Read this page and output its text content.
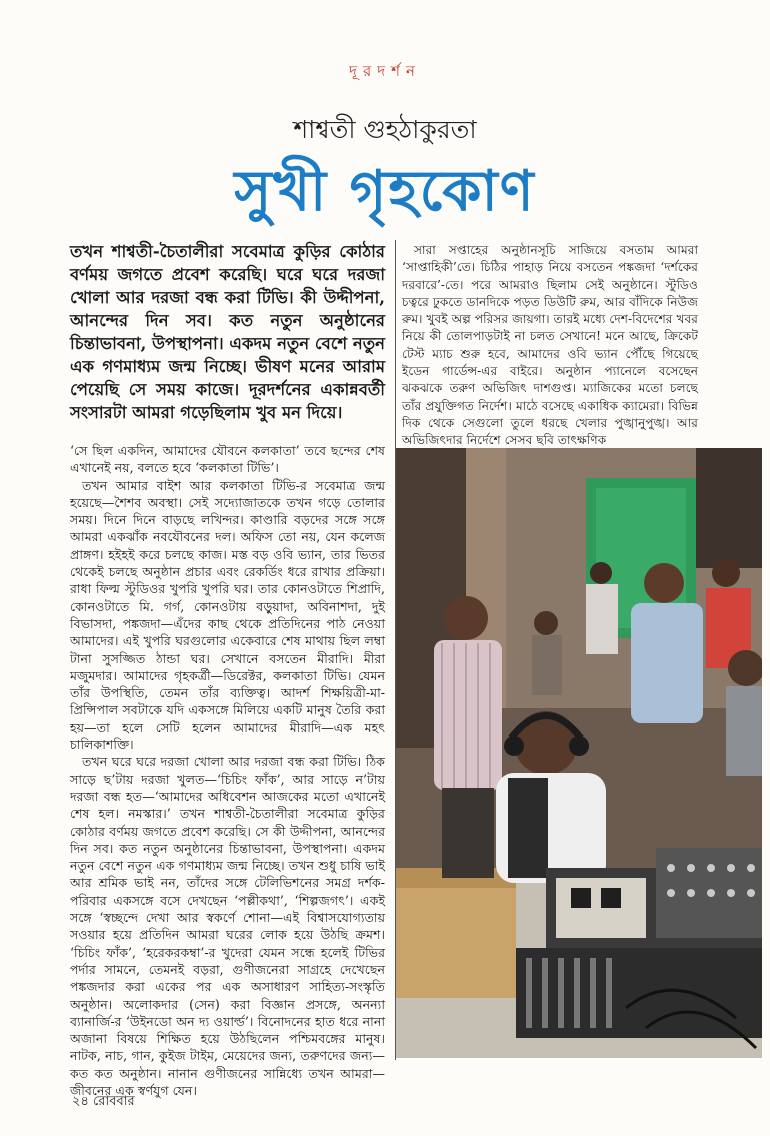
দূরদর্শন
শাশ্বতী গুহঠাকুরতা
সুখী গৃহকোণ

তখন শাশ্বতী-চৈতালীরা সবেমাত্র কুড়ির কোঠার বর্ণময় জগতে প্রবেশ করেছি। ঘরে ঘরে দরজা খোলা আর দরজা বন্ধ করা টিভি। কী উদ্দীপনা, আনন্দের দিন সব। কত নতুন অনুষ্ঠানের চিন্তাভাবনা, উপস্থাপনা। একদম নতুন বেশে নতুন এক গণমাধ্যম জন্ম নিচ্ছে। ভীষণ মনের আরাম পেয়েছি সে সময় কাজে। দূরদর্শনের একান্নবর্তী সংসারটা আমরা গড়েছিলাম খুব মন দিয়ে।

‘সে ছিল একদিন, আমাদের যৌবনে কলকাতা’ তবে ছন্দের শেষ এখানেই নয়, বলতে হবে ‘কলকাতা টিভি’।

তখন আমার বাইশ আর কলকাতা টিভি-র সবেমাত্র জন্ম হয়েছে—শৈশব অবস্থা। সেই সদ্যোজাতকে তখন গড়ে তোলার সময়। দিনে দিনে বাড়ছে লখিন্দর। কাণ্ডারি বড়দের সঙ্গে সঙ্গে আমরা একঝাঁক নবযৌবনের দল। অফিস তো নয়, যেন কলেজ প্রাঙ্গণ। হইহই করে চলছে কাজ। মস্ত বড় ওবি ভ্যান, তার ভিতর থেকেই চলছে অনুষ্ঠান প্রচার এবং রেকর্ডিং ধরে রাখার প্রক্রিয়া। রাধা ফিল্ম স্টুডিওর খুপরি খুপরি ঘর। তার কোনওটাতে শিপ্রাদি, কোনওটাতে মি. গর্গ, কোনওটায় বড়ুয়াদা, অবিনাশদা, দুই বিভাসদা, পঙ্কজদা—এঁদের কাছ থেকে প্রতিদিনের পাঠ নেওয়া আমাদের। এই খুপরি ঘরগুলোর একেবারে শেষ মাথায় ছিল লম্বা টানা সুসজ্জিত ঠান্ডা ঘর। সেখানে বসতেন মীরাদি। মীরা মজুমদার। আমাদের গৃহকর্ত্রী—ডিরেক্টর, কলকাতা টিভি। যেমন তাঁর উপস্থিতি, তেমন তাঁর ব্যক্তিত্ব। আদর্শ শিক্ষয়িত্রী-মা-প্রিন্সিপাল সবটাকে যদি একসঙ্গে মিলিয়ে একটি মানুষ তৈরি করা হয়—তা হলে সেটি হলেন আমাদের মীরাদি—এক মহৎ চালিকাশক্তি।

তখন ঘরে ঘরে দরজা খোলা আর দরজা বন্ধ করা টিভি। ঠিক সাড়ে ছ’টায় দরজা খুলত—‘চিচিং ফাঁক’, আর সাড়ে ন’টায় দরজা বন্ধ হত—‘আমাদের অধিবেশন আজকের মতো এখানেই শেষ হল। নমস্কার।’ তখন শাশ্বতী-চৈতালীরা সবেমাত্র কুড়ির কোঠার বর্ণময় জগতে প্রবেশ করেছি। সে কী উদ্দীপনা, আনন্দের দিন সব। কত নতুন অনুষ্ঠানের চিন্তাভাবনা, উপস্থাপনা। একদম নতুন বেশে নতুন এক গণমাধ্যম জন্ম নিচ্ছে। তখন শুধু চাষি ভাই আর শ্রমিক ভাই নন, তাঁদের সঙ্গে টেলিভিশনের সমগ্র দর্শক-পরিবার একসঙ্গে বসে দেখছেন ‘পল্লীকথা’, ‘শিল্পজগৎ’। একই সঙ্গে ‘স্বচ্ছন্দে দেখা আর স্বকর্ণে শোনা—এই বিশ্বাসযোগ্যতায় সওয়ার হয়ে প্রতিদিন আমরা ঘরের লোক হয়ে উঠছি ক্রমশ। ‘চিচিং ফাঁক’, ‘হরেকরকম্বা’-র খুদেরা যেমন সন্ধে হলেই টিভির পর্দার সামনে, তেমনই বড়রা, গুণীজনেরা সাগ্রহে দেখেছেন পঙ্কজদার করা একের পর এক অসাধারণ সাহিত্য-সংস্কৃতি অনুষ্ঠান। অলোকদার (সেন) করা বিজ্ঞান প্রসঙ্গে, অনন্যা ব্যানার্জি-র ‘উইনডো অন দ্য ওয়ার্ল্ড’। বিনোদনের হাত ধরে নানা অজানা বিষয়ে শিক্ষিত হয়ে উঠছিলেন পশ্চিমবঙ্গের মানুষ। নাটক, নাচ, গান, কুইজ টাইম, মেয়েদের জন্য, তরুণদের জন্য—কত কত অনুষ্ঠান। নানান গুণীজনের সান্নিধ্যে তখন আমরা—জীবনের এক স্বর্ণযুগ যেন।

সারা সপ্তাহের অনুষ্ঠানসূচি সাজিয়ে বসতাম আমরা ‘সাপ্তাহিকী’তে। চিঠির পাহাড় নিয়ে বসতেন পঙ্কজদা ‘দর্শকের দরবারে’-তে। পরে আমরাও ছিলাম সেই অনুষ্ঠানে। স্টুডিও চত্বরে ঢুকতে ডানদিকে পড়ত ডিউটি রুম, আর বাঁদিকে নিউজ রুম। খুবই অল্প পরিসর জায়গা। তারই মধ্যে দেশ-বিদেশের খবর নিয়ে কী তোলপাড়টাই না চলত সেখানে! মনে আছে, ক্রিকেট টেস্ট ম্যাচ শুরু হবে, আমাদের ওবি ভ্যান পৌঁছে গিয়েছে ইডেন গার্ডেন্স-এর বাইরে। অনুষ্ঠান প্যানেলে বসেছেন ঝকঝকে তরুণ অভিজিৎ দাশগুপ্ত। ম্যাজিকের মতো চলছে তাঁর প্রযুক্তিগত নির্দেশ। মাঠে বসেছে একাধিক ক্যামেরা। বিভিন্ন দিক থেকে সেগুলো তুলে ধরছে খেলার পুঙ্খানুপুঙ্খ। আর অভিজিৎদার নির্দেশে সেসব ছবি তাৎক্ষণিক

২৪ রোববার
